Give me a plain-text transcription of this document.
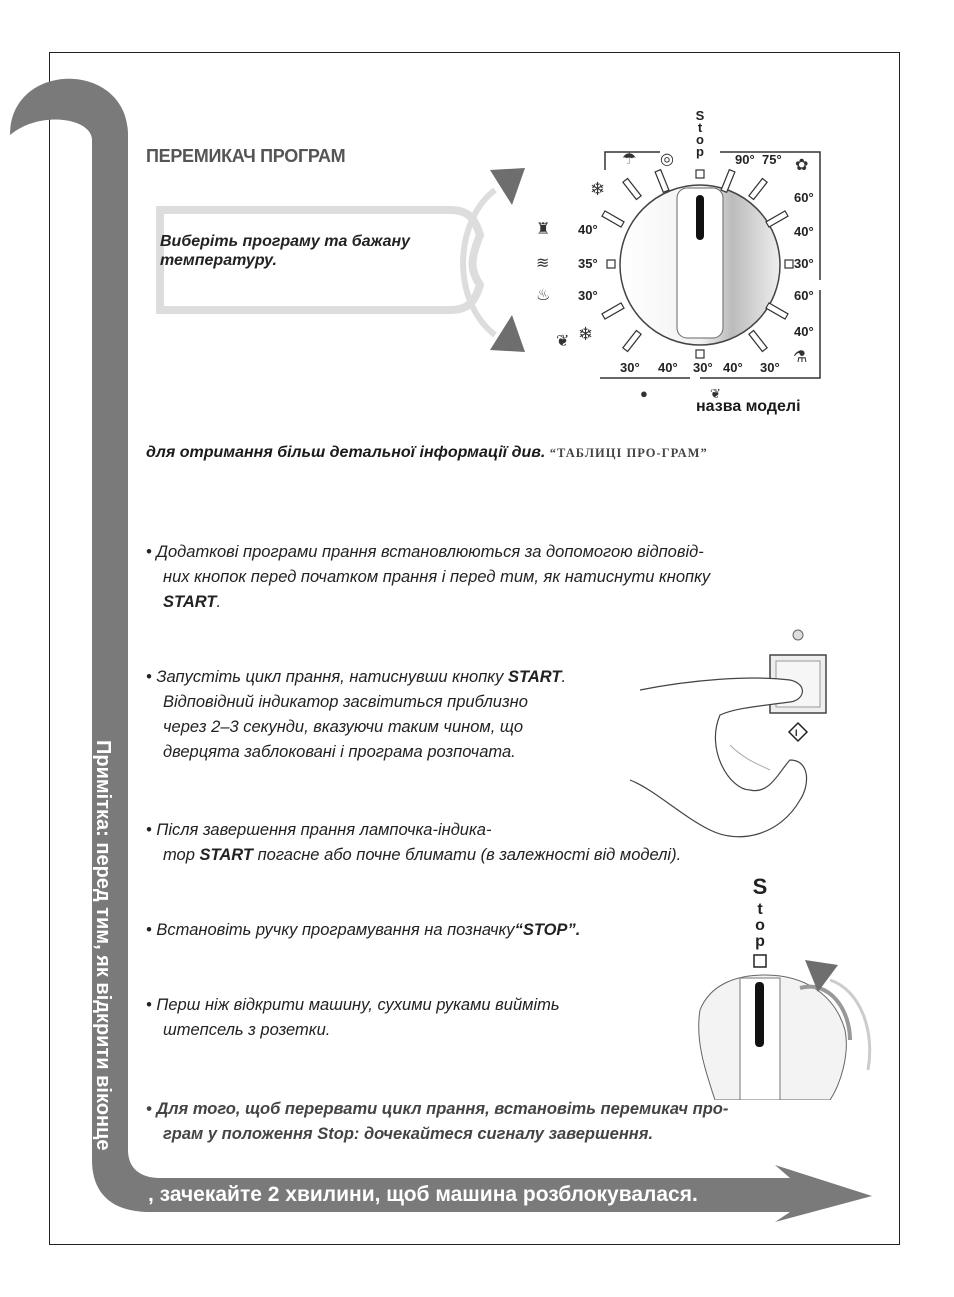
Примітка: перед тим, як відкрити віконце
, зачекайте 2 хвилини, щоб машина розблокувалася.
ПЕРЕМИКАЧ ПРОГРАМ
Виберіть програму та бажану
температуру.
S
t
o
p
90° 75°
60°
40°
30°
60°
40°
40°
35°
30°
30° 40° 30° 40° 30°
❄
❄
☂ ◎	✿
♜
≋
♨
❦
⚗
●	❦
назва моделі
для отримання більш детальної інформації див. “ТАБЛИЦІ ПРО-ГРАМ”
• Додаткові програми прання встановлюються за допомогою відповід-
них кнопок перед початком прання і перед тим, як натиснути кнопку
START.
• Запустіть цикл прання, натиснувши кнопку START.
Відповідний індикатор засвітиться приблизно
через 2–3 секунди, вказуючи таким чином, що
дверцята заблоковані і програма розпочата.
I
• Після завершення прання лампочка-індика-
тор START погасне або почне блимати (в залежності від моделі).
• Встановіть ручку програмування на позначку“STOP”.
• Перш ніж відкрити машину, сухими руками вийміть
штепсель з розетки.
S
t
o
p
• Для того, щоб перервати цикл прання, встановіть перемикач про-
грам у положення Stop: дочекайтеся сигналу завершення.
